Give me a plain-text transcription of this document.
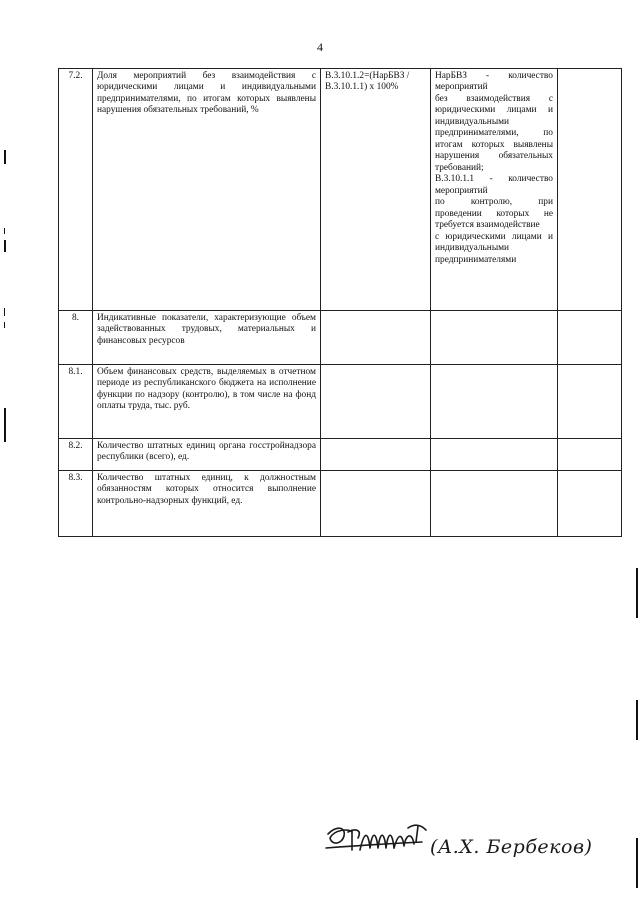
4
7.2.	Доля мероприятий без взаимодействия с юридическими лицами и индивидуальными предпринимателями, по итогам которых выявлены нарушения обязательных требований, %	В.3.10.1.2=(НарБВЗ / В.3.10.1.1) x 100%	НарБВЗ - количество мероприятий
без взаимодействия с юридическими лицами и индивидуальными предпринимателями, по итогам которых выявлены нарушения обязательных требований;
В.3.10.1.1 - количество мероприятий
по контролю, при проведении которых не требуется взаимодействие
с юридическими лицами и индивидуальными предпринимателями	

8.	Индикативные показатели, характеризующие объем задействованных трудовых, материальных и финансовых ресурсов			
8.1.	Объем финансовых средств, выделяемых в отчетном периоде из республиканского бюджета на исполнение функции по надзору (контролю), в том числе на фонд оплаты труда, тыс. руб.			
8.2.	Количество штатных единиц органа госстройнадзора республики (всего), ед.			
8.3.	Количество штатных единиц, к должностным обязанностям которых относится выполнение контрольно-надзорных функций, ед.			
(А.Х. Бербеков)
